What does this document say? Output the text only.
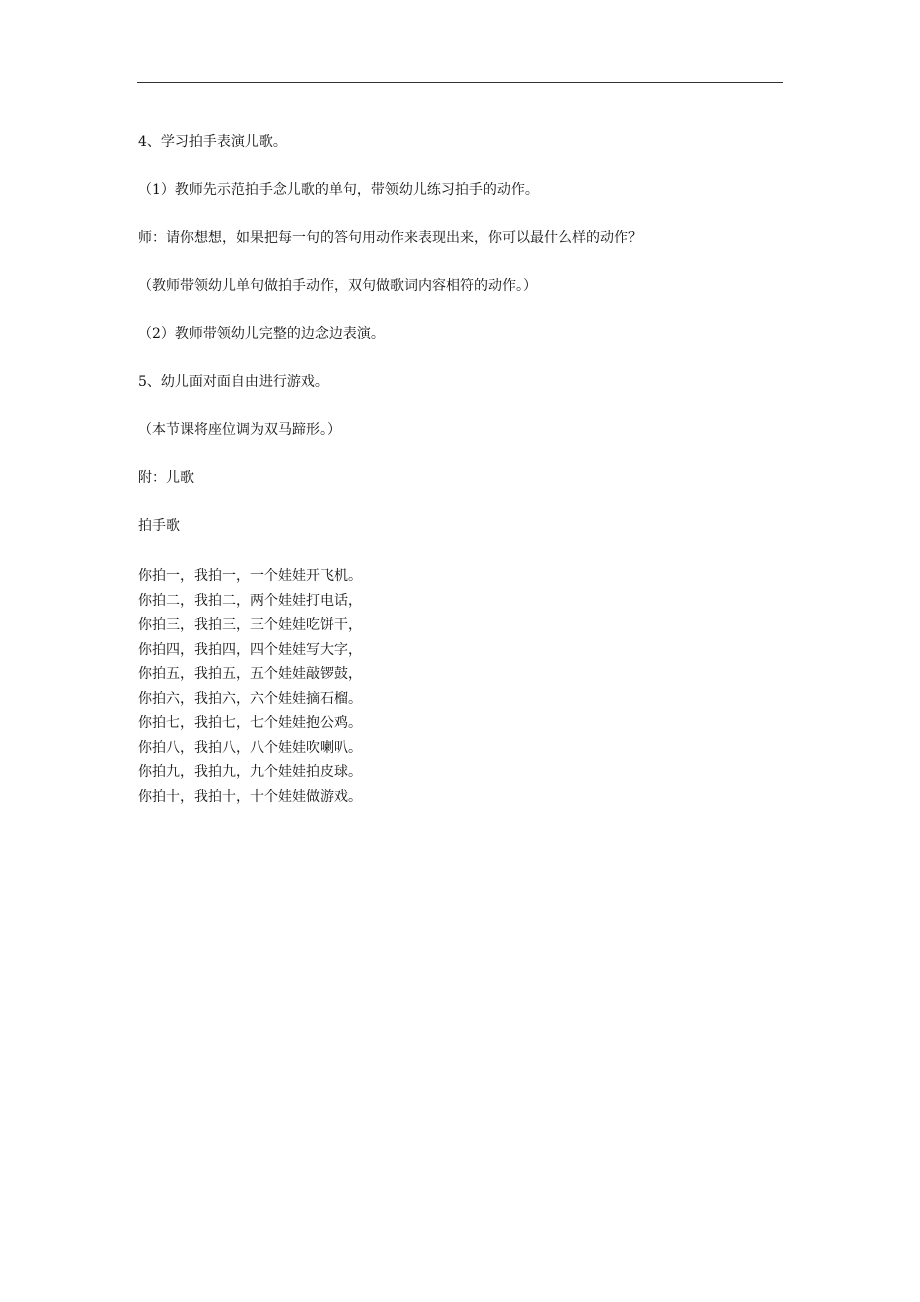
4、学习拍手表演儿歌。

（1）教师先示范拍手念儿歌的单句，带领幼儿练习拍手的动作。

师：请你想想，如果把每一句的答句用动作来表现出来，你可以最什么样的动作？

（教师带领幼儿单句做拍手动作，双句做歌词内容相符的动作。）

（2）教师带领幼儿完整的边念边表演。

5、幼儿面对面自由进行游戏。

（本节课将座位调为双马蹄形。）

附：儿歌

拍手歌

你拍一，我拍一，一个娃娃开飞机。
你拍二，我拍二，两个娃娃打电话，
你拍三，我拍三，三个娃娃吃饼干，
你拍四，我拍四，四个娃娃写大字，
你拍五，我拍五，五个娃娃敲锣鼓，
你拍六，我拍六，六个娃娃摘石榴。
你拍七，我拍七，七个娃娃抱公鸡。
你拍八，我拍八，八个娃娃吹喇叭。
你拍九，我拍九，九个娃娃拍皮球。
你拍十，我拍十，十个娃娃做游戏。
